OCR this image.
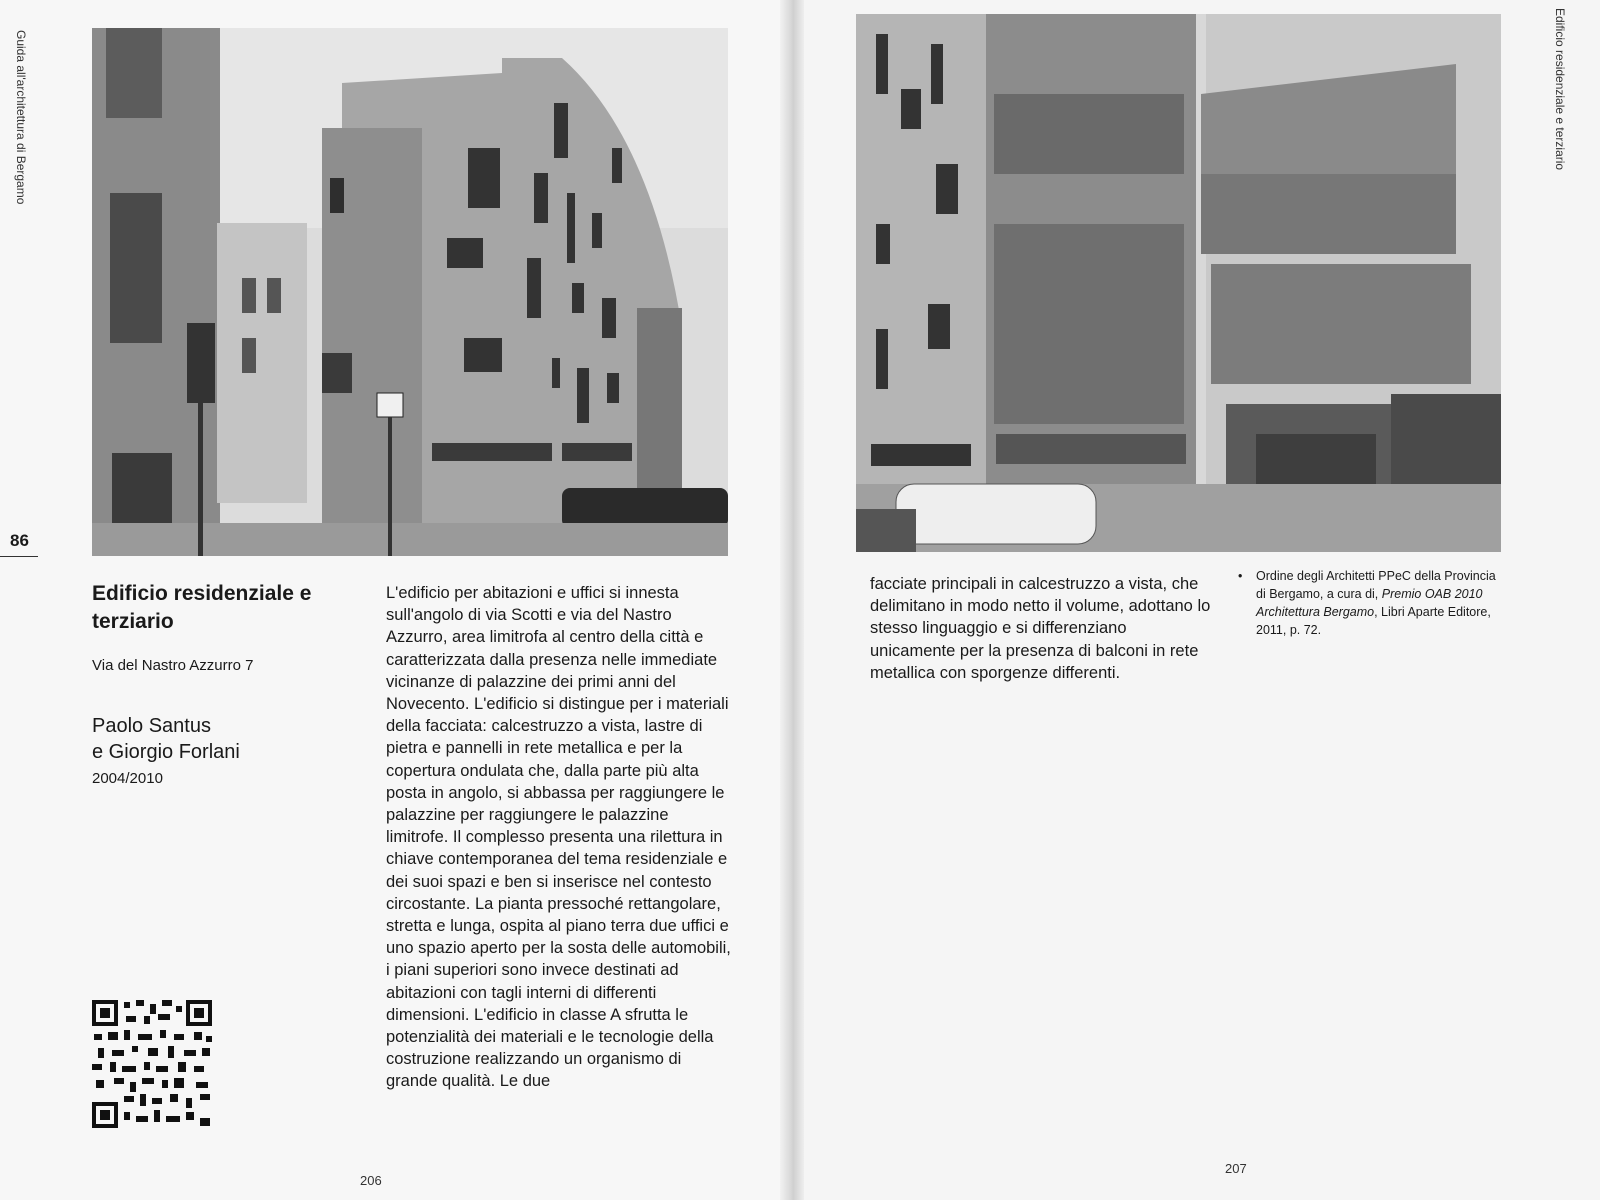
Guida all'architettura di Bergamo	Edificio residenziale e terziario
86
Edificio residenziale e terziario
Via del Nastro Azzurro 7
Paolo Santus
e Giorgio Forlani
2004/2010
L'edificio per abitazioni e uffici si innesta sull'angolo di via Scotti e via del Nastro Azzurro, area limitrofa al centro della città e caratterizzata dalla presenza nelle immediate vicinanze di palazzine dei primi anni del Novecento. L'edificio si distingue per i materiali della facciata: calcestruzzo a vista, lastre di pietra e pannelli in rete metallica e per la copertura ondulata che, dalla parte più alta posta in angolo, si abbassa per raggiungere le palazzine per raggiungere le palazzine limitrofe. Il complesso presenta una rilettura in chiave contemporanea del tema residenziale e dei suoi spazi e ben si inserisce nel contesto circostante. La pianta pressoché rettangolare, stretta e lunga, ospita al piano terra due uffici e uno spazio aperto per la sosta delle automobili, i piani superiori sono invece destinati ad abitazioni con tagli interni di differenti dimensioni. L'edificio in classe A sfrutta le potenzialità dei materiali e le tecnologie della costruzione realizzando un organismo di grande qualità. Le due
206
facciate principali in calcestruzzo a vista, che delimitano in modo netto il volume, adottano lo stesso linguaggio e si differenziano unicamente per la presenza di balconi in rete metallica con sporgenze differenti.
• Ordine degli Architetti PPeC della Provincia di Bergamo, a cura di, Premio OAB 2010 Architettura Bergamo, Libri Aparte Editore, 2011, p. 72.
207
